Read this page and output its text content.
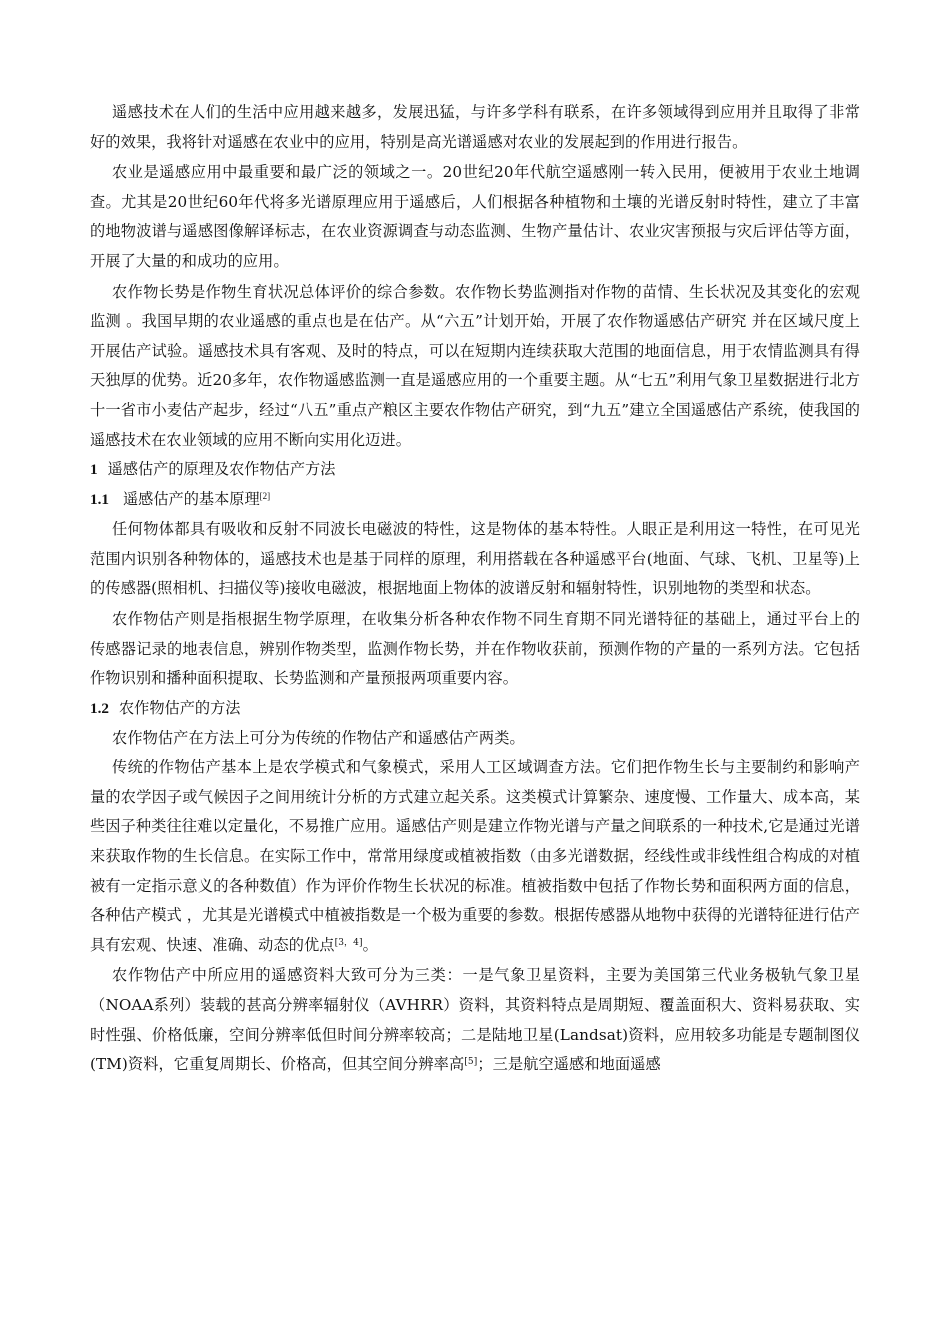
遥感技术在人们的生活中应用越来越多，发展迅猛，与许多学科有联系，在许多领域得到应用并且取得了非常好的效果，我将针对遥感在农业中的应用，特别是高光谱遥感对农业的发展起到的作用进行报告。

农业是遥感应用中最重要和最广泛的领域之一。20世纪20年代航空遥感刚一转入民用，便被用于农业土地调查。尤其是20世纪60年代将多光谱原理应用于遥感后，人们根据各种植物和土壤的光谱反射时特性，建立了丰富的地物波谱与遥感图像解译标志，在农业资源调查与动态监测、生物产量估计、农业灾害预报与灾后评估等方面，开展了大量的和成功的应用。

农作物长势是作物生育状况总体评价的综合参数。农作物长势监测指对作物的苗情、生长状况及其变化的宏观监测 。我国早期的农业遥感的重点也是在估产。从“六五”计划开始，开展了农作物遥感估产研究 并在区域尺度上开展估产试验。遥感技术具有客观、及时的特点，可以在短期内连续获取大范围的地面信息，用于农情监测具有得天独厚的优势。近20多年，农作物遥感监测一直是遥感应用的一个重要主题。从“七五”利用气象卫星数据进行北方十一省市小麦估产起步，经过“八五”重点产粮区主要农作物估产研究，到“九五”建立全国遥感估产系统，使我国的遥感技术在农业领域的应用不断向实用化迈进。

1 遥感估产的原理及农作物估产方法

1.1 遥感估产的基本原理[2]

任何物体都具有吸收和反射不同波长电磁波的特性，这是物体的基本特性。人眼正是利用这一特性，在可见光范围内识别各种物体的，遥感技术也是基于同样的原理，利用搭载在各种遥感平台(地面、气球、飞机、卫星等)上的传感器(照相机、扫描仪等)接收电磁波，根据地面上物体的波谱反射和辐射特性，识别地物的类型和状态。

农作物估产则是指根据生物学原理，在收集分析各种农作物不同生育期不同光谱特征的基础上，通过平台上的传感器记录的地表信息，辨别作物类型，监测作物长势，并在作物收获前，预测作物的产量的一系列方法。它包括作物识别和播种面积提取、长势监测和产量预报两项重要内容。

1.2 农作物估产的方法

农作物估产在方法上可分为传统的作物估产和遥感估产两类。

传统的作物估产基本上是农学模式和气象模式，采用人工区域调查方法。它们把作物生长与主要制约和影响产量的农学因子或气候因子之间用统计分析的方式建立起关系。这类模式计算繁杂、速度慢、工作量大、成本高，某些因子种类往往难以定量化，不易推广应用。遥感估产则是建立作物光谱与产量之间联系的一种技术,它是通过光谱来获取作物的生长信息。在实际工作中，常常用绿度或植被指数（由多光谱数据，经线性或非线性组合构成的对植被有一定指示意义的各种数值）作为评价作物生长状况的标准。植被指数中包括了作物长势和面积两方面的信息， 各种估产模式 ，尤其是光谱模式中植被指数是一个极为重要的参数。根据传感器从地物中获得的光谱特征进行估产具有宏观、快速、准确、动态的优点[3，4]。

农作物估产中所应用的遥感资料大致可分为三类：一是气象卫星资料，主要为美国第三代业务极轨气象卫星（NOAA系列）装载的甚高分辨率辐射仪（AVHRR）资料，其资料特点是周期短、覆盖面积大、资料易获取、实时性强、价格低廉，空间分辨率低但时间分辨率较高；二是陆地卫星(Landsat)资料，应用较多功能是专题制图仪(TM)资料，它重复周期长、价格高，但其空间分辨率高[5]；三是航空遥感和地面遥感
